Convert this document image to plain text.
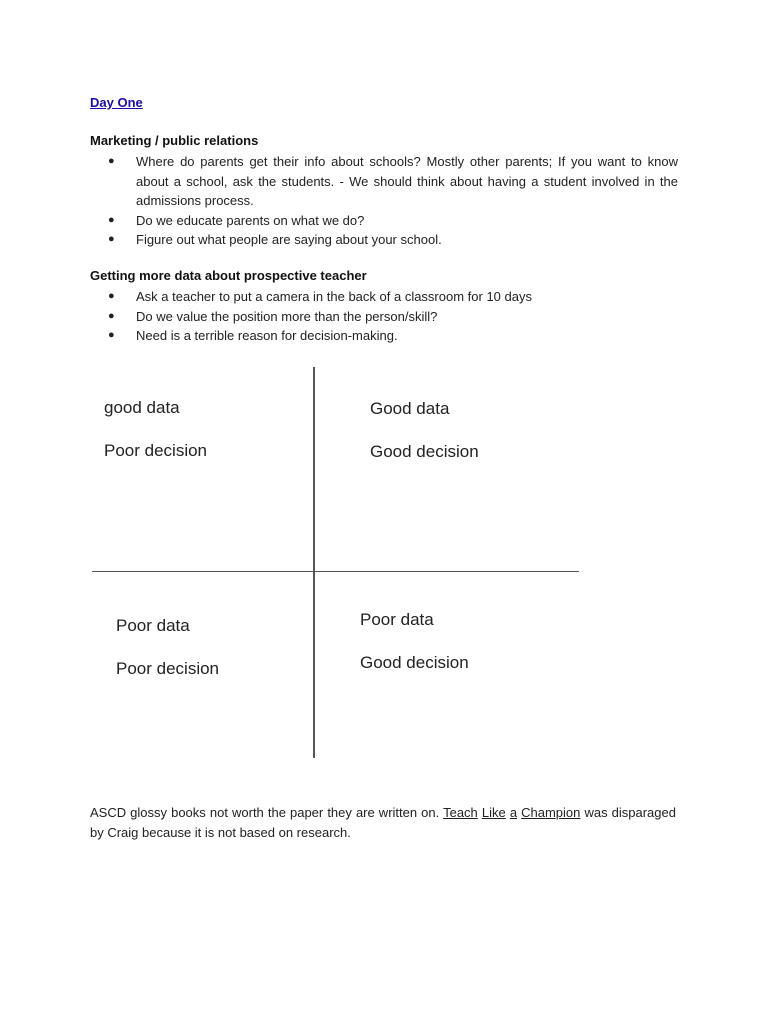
Day One
Marketing / public relations
● Where do parents get their info about schools? Mostly other parents; If you want to know about a school, ask the students. - We should think about having a student involved in the admissions process.
● Do we educate parents on what we do?
● Figure out what people are saying about your school.
Getting more data about prospective teacher
● Ask a teacher to put a camera in the back of a classroom for 10 days
● Do we value the position more than the person/skill?
● Need is a terrible reason for decision-making.
good data
Poor decision
Good data
Good decision
Poor data
Poor decision
Poor data
Good decision
ASCD glossy books not worth the paper they are written on. Teach Like a Champion was disparaged by Craig because it is not based on research.
